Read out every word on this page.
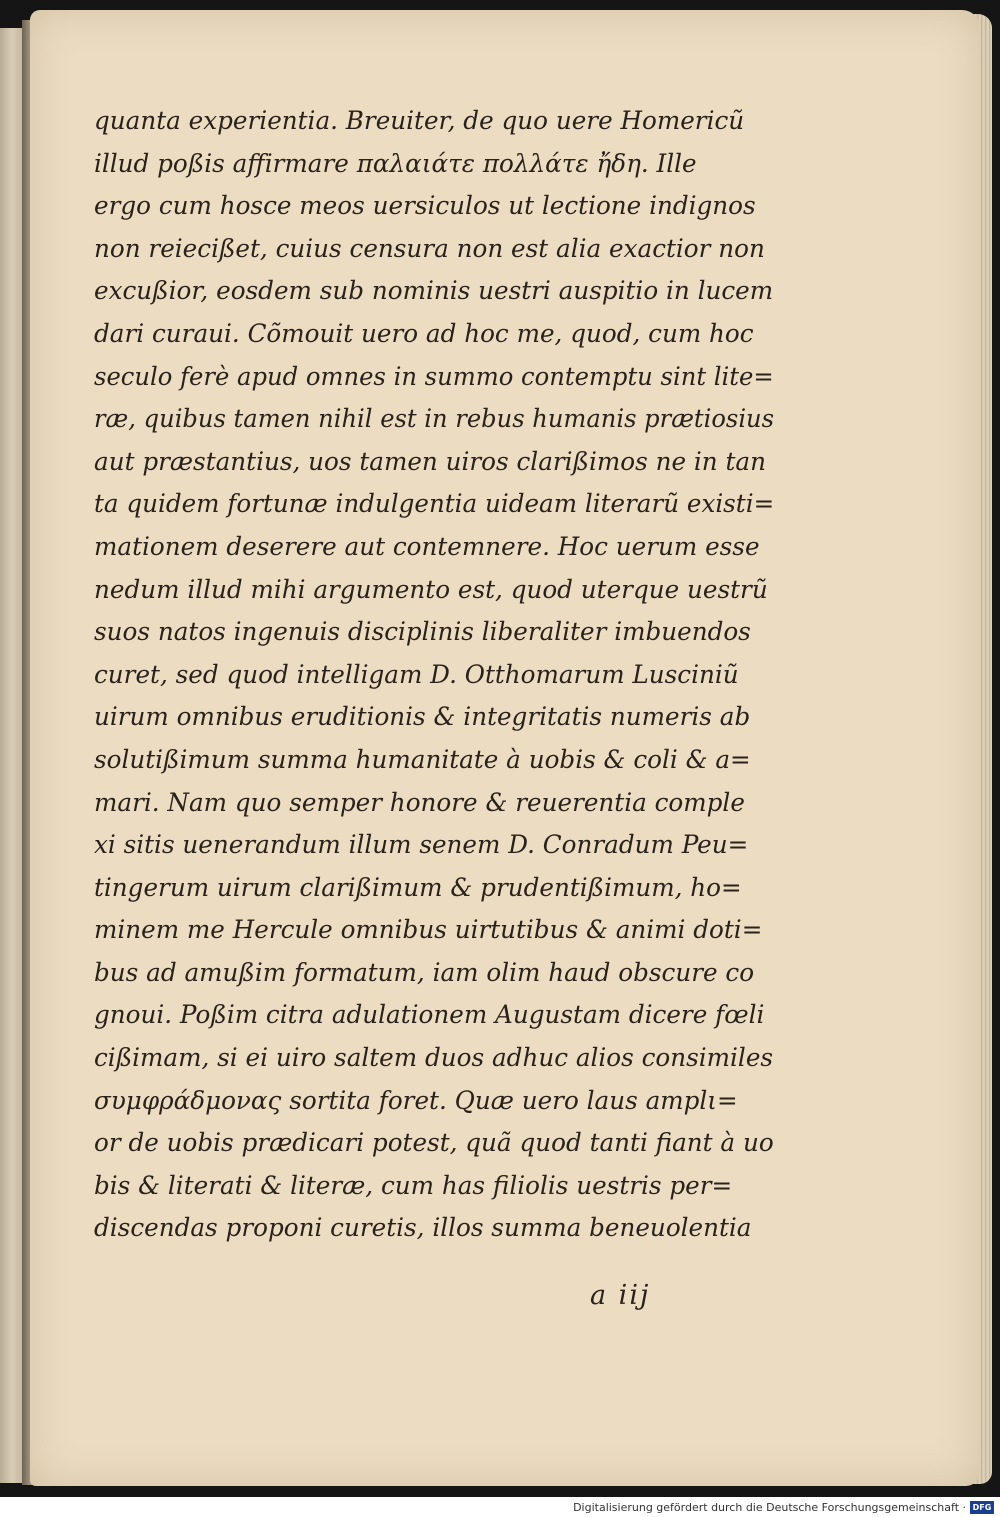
quanta experientia. Breuiter, de quo uere Homericũ
illud poßis affirmare παλαιάτε πολλάτε ἤδη. Ille
ergo cum hosce meos uersiculos ut lectione indignos
non reiecißet, cuius censura non est alia exactior non
excußior, eosdem sub nominis uestri auspitio in lucem
dari curaui. Cõmouit uero ad hoc me, quod, cum hoc
seculo ferè apud omnes in summo contemptu sint lite=
ræ, quibus tamen nihil est in rebus humanis prætiosius
aut præstantius, uos tamen uiros clarißimos ne in tan
ta quidem fortunæ indulgentia uideam literarũ existi=
mationem deserere aut contemnere. Hoc uerum esse
nedum illud mihi argumento est, quod uterque uestrũ
suos natos ingenuis disciplinis liberaliter imbuendos
curet, sed quod intelligam D. Otthomarum Lusciniũ
uirum omnibus eruditionis & integritatis numeris ab
solutißimum summa humanitate à uobis & coli & a=
mari. Nam quo semper honore & reuerentia comple
xi sitis uenerandum illum senem D. Conradum Peu=
tingerum uirum clarißimum & prudentißimum, ho=
minem me Hercule omnibus uirtutibus & animi doti=
bus ad amußim formatum, iam olim haud obscure co
gnoui. Poßim citra adulationem Augustam dicere fœli
cißimam, si ei uiro saltem duos adhuc alios consimiles
συμφράδμονας sortita foret. Quæ uero laus amplι=
or de uobis prædicari potest, quã quod tanti fiant à uo
bis & literati & literæ, cum has filiolis uestris per=
discendas proponi curetis, illos summa beneuolentia
a iij
Digitalisierung gefördert durch die Deutsche Forschungsgemeinschaft · DFG
